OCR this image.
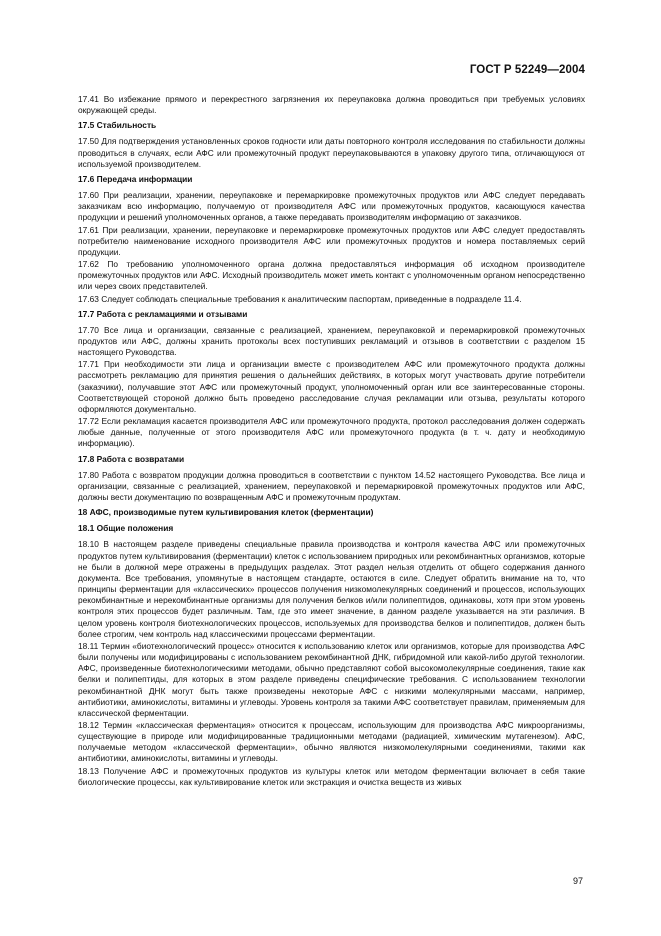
ГОСТ Р 52249—2004
17.41 Во избежание прямого и перекрестного загрязнения их переупаковка должна проводиться при требуемых условиях окружающей среды.
17.5 Стабильность
17.50 Для подтверждения установленных сроков годности или даты повторного контроля исследования по стабильности должны проводиться в случаях, если АФС или промежуточный продукт переупаковываются в упаковку другого типа, отличающуюся от используемой производителем.
17.6 Передача информации
17.60 При реализации, хранении, переупаковке и перемаркировке промежуточных продуктов или АФС следует передавать заказчикам всю информацию, получаемую от производителя АФС или промежуточных продуктов, касающуюся качества продукции и решений уполномоченных органов, а также передавать производителям информацию от заказчиков.
17.61 При реализации, хранении, переупаковке и перемаркировке промежуточных продуктов или АФС следует предоставлять потребителю наименование исходного производителя АФС или промежуточных продуктов и номера поставляемых серий продукции.
17.62 По требованию уполномоченного органа должна предоставляться информация об исходном производителе промежуточных продуктов или АФС. Исходный производитель может иметь контакт с уполномоченным органом непосредственно или через своих представителей.
17.63 Следует соблюдать специальные требования к аналитическим паспортам, приведенные в подразделе 11.4.
17.7 Работа с рекламациями и отзывами
17.70 Все лица и организации, связанные с реализацией, хранением, переупаковкой и перемаркировкой промежуточных продуктов или АФС, должны хранить протоколы всех поступивших рекламаций и отзывов в соответствии с разделом 15 настоящего Руководства.
17.71 При необходимости эти лица и организации вместе с производителем АФС или промежуточного продукта должны рассмотреть рекламацию для принятия решения о дальнейших действиях, в которых могут участвовать другие потребители (заказчики), получавшие этот АФС или промежуточный продукт, уполномоченный орган или все заинтересованные стороны. Соответствующей стороной должно быть проведено расследование случая рекламации или отзыва, результаты которого оформляются документально.
17.72 Если рекламация касается производителя АФС или промежуточного продукта, протокол расследования должен содержать любые данные, полученные от этого производителя АФС или промежуточного продукта (в т. ч. дату и необходимую информацию).
17.8 Работа с возвратами
17.80 Работа с возвратом продукции должна проводиться в соответствии с пунктом 14.52 настоящего Руководства. Все лица и организации, связанные с реализацией, хранением, переупаковкой и перемаркировкой промежуточных продуктов или АФС, должны вести документацию по возвращенным АФС и промежуточным продуктам.
18 АФС, производимые путем культивирования клеток (ферментации)
18.1 Общие положения
18.10 В настоящем разделе приведены специальные правила производства и контроля качества АФС или промежуточных продуктов путем культивирования (ферментации) клеток с использованием природных или рекомбинантных организмов, которые не были в должной мере отражены в предыдущих разделах. Этот раздел нельзя отделить от общего содержания данного документа. Все требования, упомянутые в настоящем стандарте, остаются в силе. Следует обратить внимание на то, что принципы ферментации для «классических» процессов получения низкомолекулярных соединений и процессов, использующих рекомбинантные и нерекомбинантные организмы для получения белков и/или полипептидов, одинаковы, хотя при этом уровень контроля этих процессов будет различным. Там, где это имеет значение, в данном разделе указывается на эти различия. В целом уровень контроля биотехнологических процессов, используемых для производства белков и полипептидов, должен быть более строгим, чем контроль над классическими процессами ферментации.
18.11 Термин «биотехнологический процесс» относится к использованию клеток или организмов, которые для производства АФС были получены или модифицированы с использованием рекомбинантной ДНК, гибридомной или какой-либо другой технологии. АФС, произведенные биотехнологическими методами, обычно представляют собой высокомолекулярные соединения, такие как белки и полипептиды, для которых в этом разделе приведены специфические требования. С использованием технологии рекомбинантной ДНК могут быть также произведены некоторые АФС с низкими молекулярными массами, например, антибиотики, аминокислоты, витамины и углеводы. Уровень контроля за такими АФС соответствует правилам, применяемым для классической ферментации.
18.12 Термин «классическая ферментация» относится к процессам, использующим для производства АФС микроорганизмы, существующие в природе или модифицированные традиционными методами (радиацией, химическим мутагенезом). АФС, получаемые методом «классической ферментации», обычно являются низкомолекулярными соединениями, такими как антибиотики, аминокислоты, витамины и углеводы.
18.13 Получение АФС и промежуточных продуктов из культуры клеток или методом ферментации включает в себя такие биологические процессы, как культивирование клеток или экстракция и очистка веществ из живых
97
